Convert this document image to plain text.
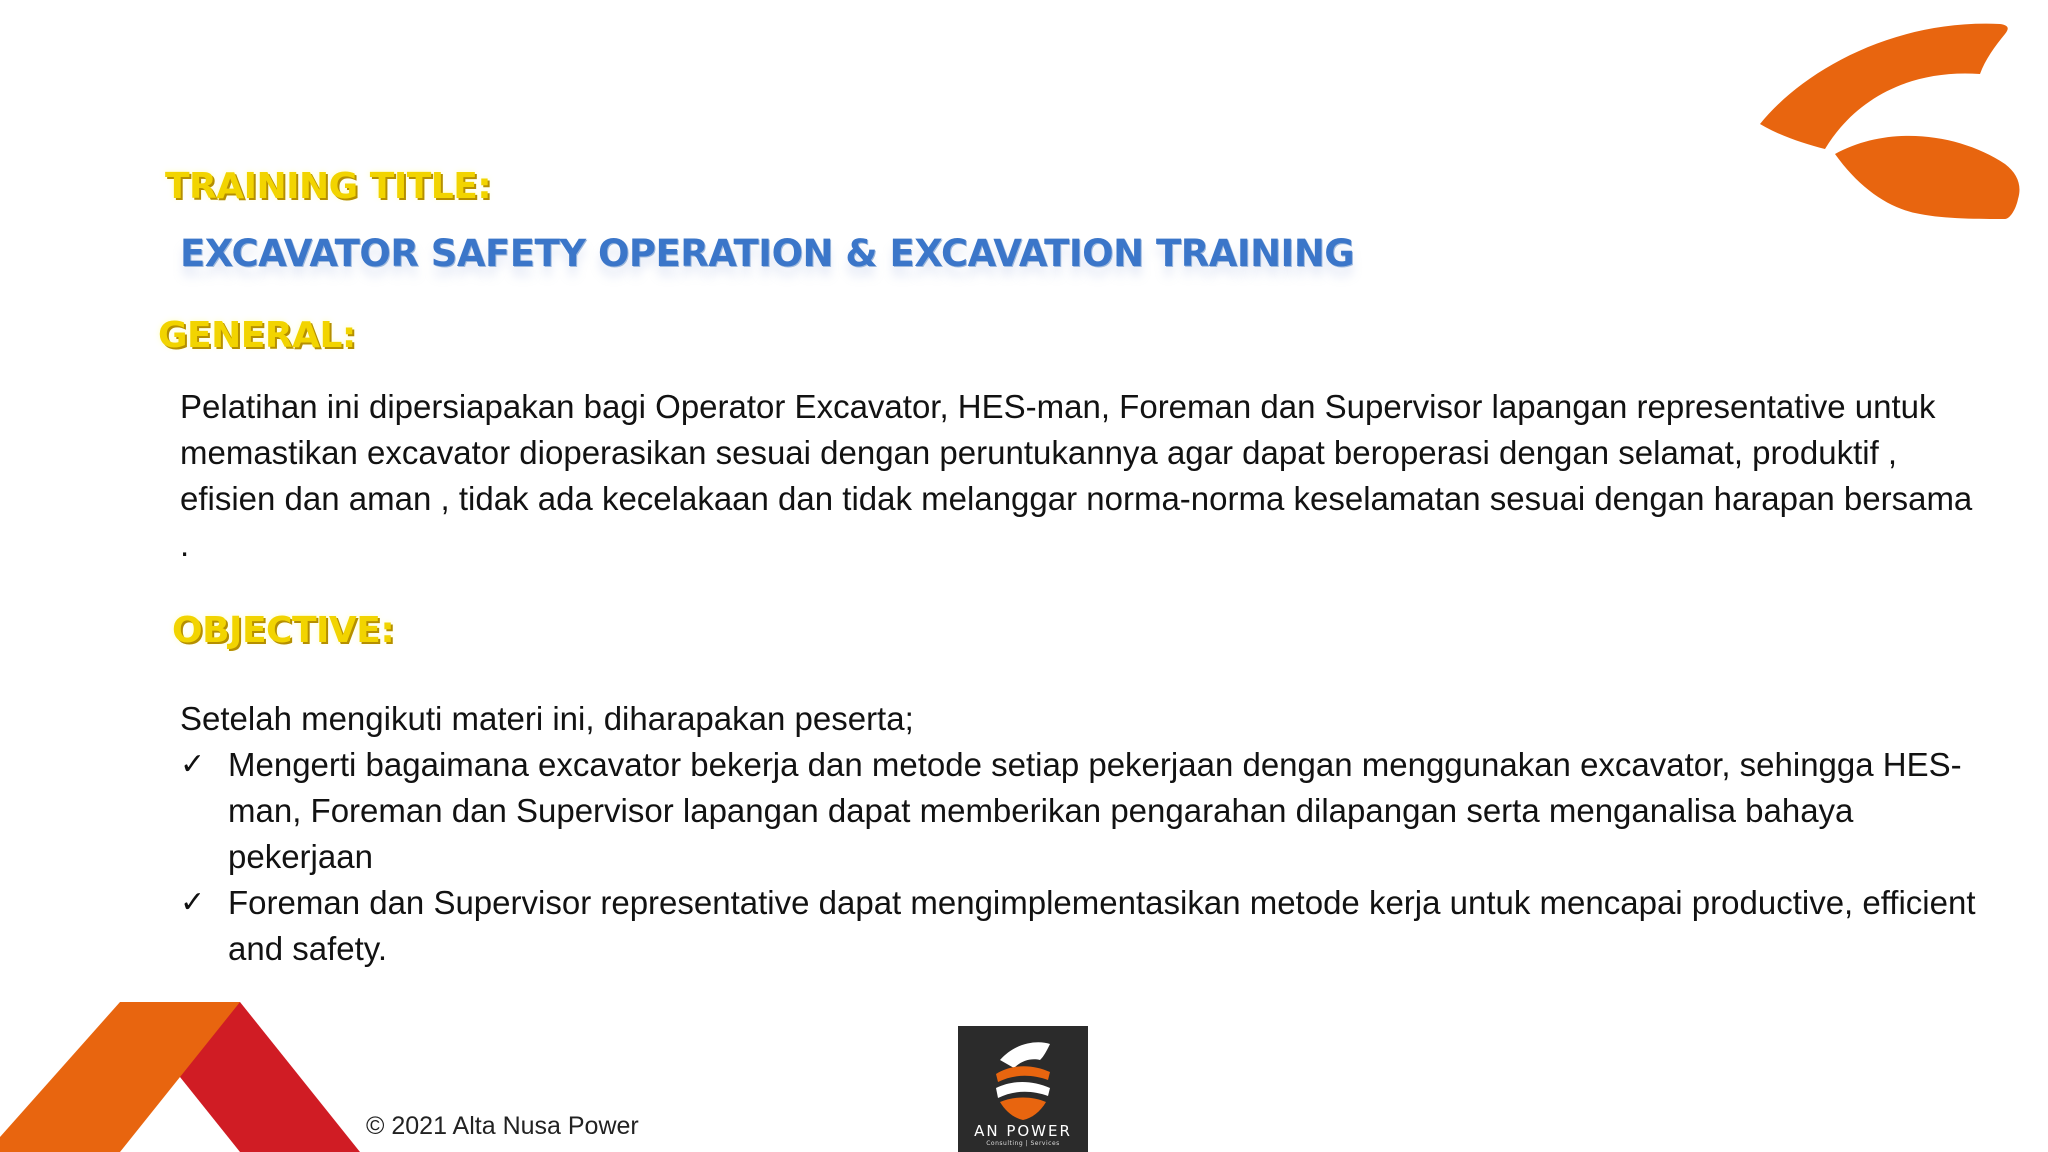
TRAINING TITLE:
EXCAVATOR SAFETY OPERATION & EXCAVATION TRAINING
GENERAL:
Pelatihan ini dipersiapakan bagi Operator Excavator, HES-man, Foreman dan Supervisor lapangan representative untuk memastikan excavator dioperasikan sesuai dengan peruntukannya agar dapat beroperasi dengan selamat, produktif , efisien dan aman , tidak ada kecelakaan dan tidak melanggar norma-norma keselamatan sesuai dengan harapan bersama .
OBJECTIVE:
Setelah mengikuti materi ini, diharapakan peserta;
✓ Mengerti bagaimana excavator bekerja dan metode setiap pekerjaan dengan menggunakan excavator, sehingga HES-man, Foreman dan Supervisor lapangan dapat memberikan pengarahan dilapangan serta menganalisa bahaya pekerjaan
✓ Foreman dan Supervisor representative dapat mengimplementasikan metode kerja untuk mencapai productive, efficient and safety.
© 2021 Alta Nusa Power	AN POWER
Consulting | Services
